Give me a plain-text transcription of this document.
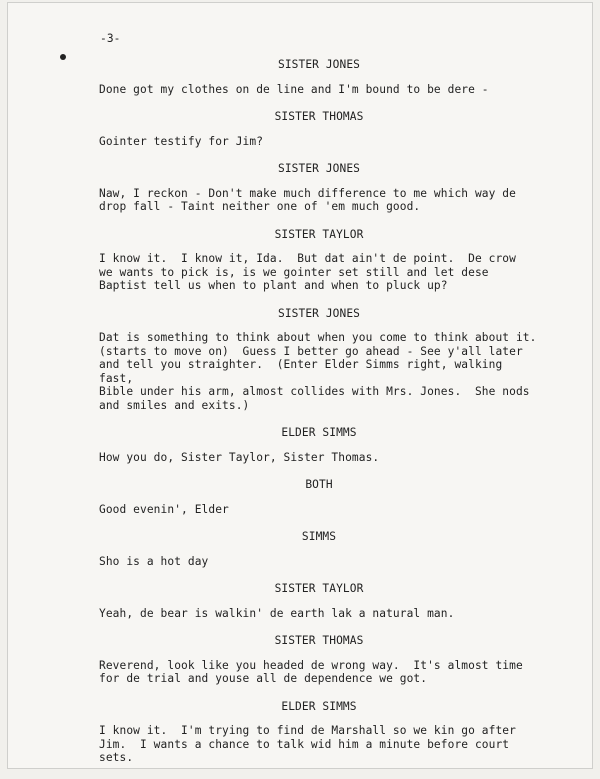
-3-
SISTER JONES
Done got my clothes on de line and I'm bound to be dere -
SISTER THOMAS
Gointer testify for Jim?
SISTER JONES
Naw, I reckon - Don't make much difference to me which way de
drop fall - Taint neither one of 'em much good.
SISTER TAYLOR
I know it.  I know it, Ida.  But dat ain't de point.  De crow
we wants to pick is, is we gointer set still and let dese
Baptist tell us when to plant and when to pluck up?
SISTER JONES
Dat is something to think about when you come to think about it.
(starts to move on)  Guess I better go ahead - See y'all later
and tell you straighter.  (Enter Elder Simms right, walking fast,
Bible under his arm, almost collides with Mrs. Jones.  She nods
and smiles and exits.)
ELDER SIMMS
How you do, Sister Taylor, Sister Thomas.
BOTH
Good evenin', Elder
SIMMS
Sho is a hot day
SISTER TAYLOR
Yeah, de bear is walkin' de earth lak a natural man.
SISTER THOMAS
Reverend, look like you headed de wrong way.  It's almost time
for de trial and youse all de dependence we got.
ELDER SIMMS
I know it.  I'm trying to find de Marshall so we kin go after
Jim.  I wants a chance to talk wid him a minute before court sets.
